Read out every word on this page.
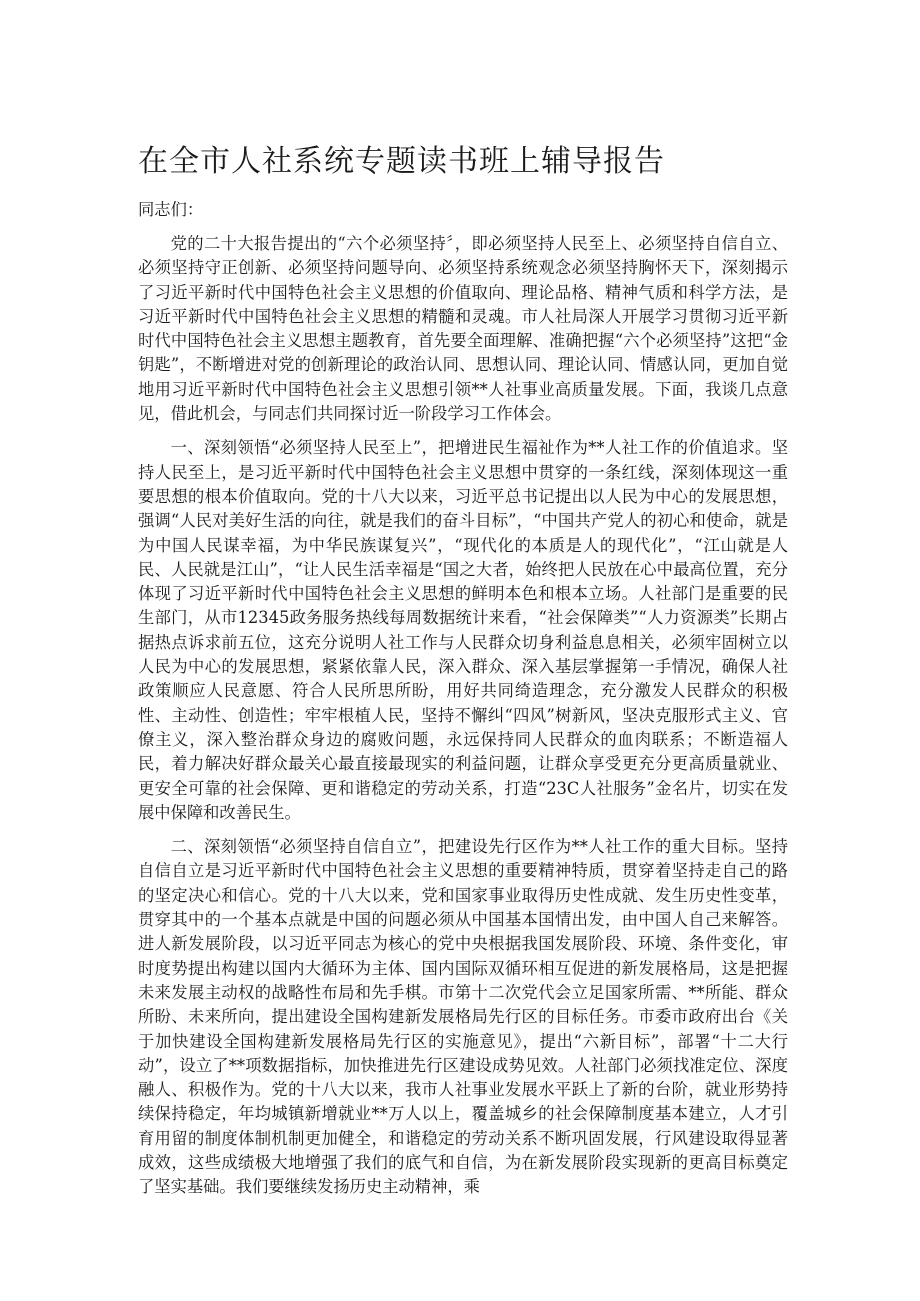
在全市人社系统专题读书班上辅导报告

同志们：

党的二十大报告提出的“六个必须坚持〞，即必须坚持人民至上、必须坚持自信自立、必须坚持守正创新、必须坚持问题导向、必须坚持系统观念必须坚持胸怀天下，深刻揭示了习近平新时代中国特色社会主义思想的价值取向、理论品格、精神气质和科学方法，是习近平新时代中国特色社会主义思想的精髓和灵魂。市人社局深人开展学习贯彻习近平新时代中国特色社会主义思想主题教育，首先要全面理解、准确把握“六个必须坚持”这把“金钥匙”，不断增进对党的创新理论的政治认同、思想认同、理论认同、情感认同，更加自觉地用习近平新时代中国特色社会主义思想引领**人社事业高质量发展。下面，我谈几点意见，借此机会，与同志们共同探讨近一阶段学习工作体会。

一、深刻领悟“必须坚持人民至上”，把增进民生福祉作为**人社工作的价值追求。坚持人民至上，是习近平新时代中国特色社会主义思想中贯穿的一条红线，深刻体现这一重要思想的根本价值取向。党的十八大以来，习近平总书记提出以人民为中心的发展思想，强调“人民对美好生活的向往，就是我们的奋斗目标”，“中国共产党人的初心和使命，就是为中国人民谋幸福，为中华民族谋复兴”，“现代化的本质是人的现代化”，“江山就是人民、人民就是江山”，“让人民生活幸福是“国之大者，始终把人民放在心中最高位置，充分体现了习近平新时代中国特色社会主义思想的鲜明本色和根本立场。人社部门是重要的民生部门，从市12345政务服务热线每周数据统计来看，“社会保障类”“人力资源类”长期占据热点诉求前五位，这充分说明人社工作与人民群众切身利益息息相关，必须牢固树立以人民为中心的发展思想，紧紧依靠人民，深入群众、深入基层掌握第一手情况，确保人社政策顺应人民意愿、符合人民所思所盼，用好共同绮造理念，充分激发人民群众的积极性、主动性、创造性；牢牢根植人民，坚持不懈纠“四风”树新风，坚决克服形式主义、官僚主义，深入整治群众身边的腐败问题，永远保持同人民群众的血肉联系；不断造福人民，着力解决好群众最关心最直接最现实的利益问题，让群众享受更充分更高质量就业、更安全可靠的社会保障、更和谐稳定的劳动关系，打造“23C人社服务”金名片，切实在发展中保障和改善民生。

二、深刻领悟“必须坚持自信自立”，把建设先行区作为**人社工作的重大目标。坚持自信自立是习近平新时代中国特色社会主义思想的重要精神特质，贯穿着坚持走自己的路的坚定决心和信心。党的十八大以来，党和国家事业取得历史性成就、发生历史性变革，贯穿其中的一个基本点就是中国的问题必须从中国基本国情出发，由中国人自己来解答。进人新发展阶段，以习近平同志为核心的党中央根据我国发展阶段、环境、条件变化，审时度势提出构建以国内大循环为主体、国内国际双循环相互促进的新发展格局，这是把握未来发展主动权的战略性布局和先手棋。市第十二次党代会立足国家所需、**所能、群众所盼、未来所向，提出建设全国构建新发展格局先行区的目标任务。市委市政府出台《关于加快建设全国构建新发展格局先行区的实施意见》，提出“六新目标”，部署“十二大行动”，设立了**项数据指标，加快推进先行区建设成势见效。人社部门必须找准定位、深度融人、积极作为。党的十八大以来，我市人社事业发展水平跃上了新的台阶，就业形势持续保持稳定，年均城镇新增就业**万人以上，覆盖城乡的社会保障制度基本建立，人才引育用留的制度体制机制更加健全，和谐稳定的劳动关系不断巩固发展，行风建设取得显著成效，这些成绩极大地增强了我们的底气和自信，为在新发展阶段实现新的更高目标奠定了坚实基础。我们要继续发扬历史主动精神，乘
